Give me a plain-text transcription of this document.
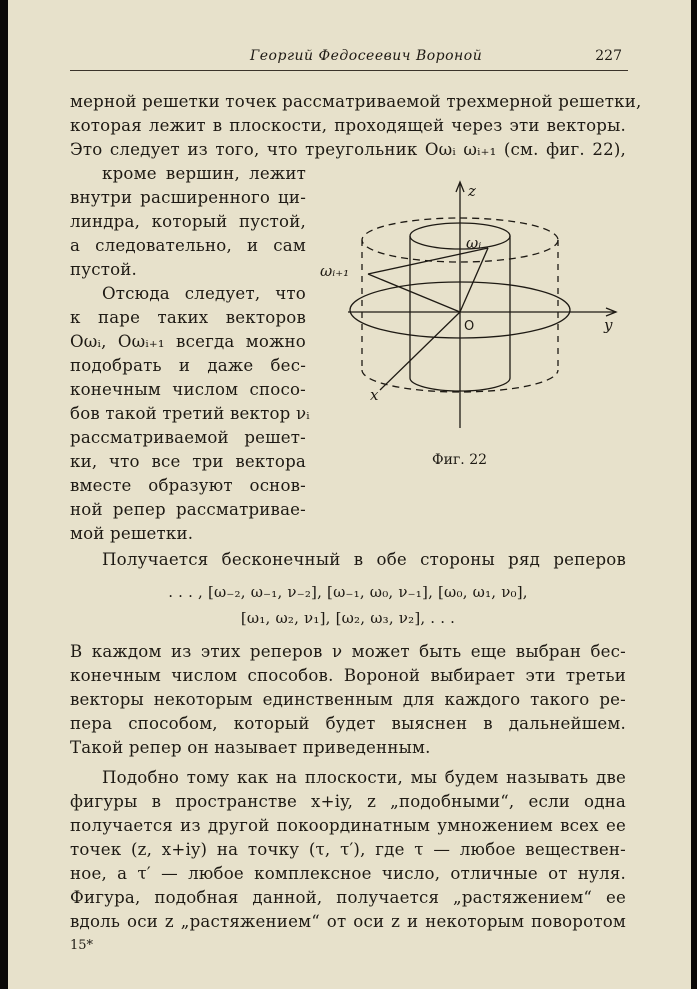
Георгий Федосеевич Вороной	227
мерной решетки точек рассматриваемой трехмерной решетки,
которая лежит в плоскости, проходящей через эти векторы.
Это следует из того, что треугольник Oωᵢ ωᵢ₊₁ (см. фиг. 22),
кроме вершин, лежит
внутри расширенного ци-
линдра, который пустой,
а следовательно, и сам
пустой.
Отсюда следует, что
к паре таких векторов
Oωᵢ, Oωᵢ₊₁ всегда можно
подобрать и даже бес-
конечным числом спосо-
бов такой третий вектор νᵢ
рассматриваемой решет-
ки, что все три вектора
вместе образуют основ-
ной репер рассматривае-
мой решетки.
Фиг. 22
Получается бесконечный в обе стороны ряд реперов
. . . , [ω₋₂, ω₋₁, ν₋₂], [ω₋₁, ω₀, ν₋₁], [ω₀, ω₁, ν₀],
[ω₁, ω₂, ν₁], [ω₂, ω₃, ν₂], . . .
В каждом из этих реперов ν может быть еще выбран бес-
конечным числом способов. Вороной выбирает эти третьи
векторы некоторым единственным для каждого такого ре-
пера способом, который будет выяснен в дальнейшем.
Такой репер он называет приведенным.
Подобно тому как на плоскости, мы будем называть две
фигуры в пространстве x+iy, z „подобными“, если одна
получается из другой покоординатным умножением всех ее
точек (z, x+iy) на точку (τ, τ′), где τ — любое веществен-
ное, а τ′ — любое комплексное число, отличные от нуля.
Фигура, подобная данной, получается „растяжением“ ее
вдоль оси z „растяжением“ от оси z и некоторым поворотом
15*
z
y
x
O
ωᵢ
ωᵢ₊₁
